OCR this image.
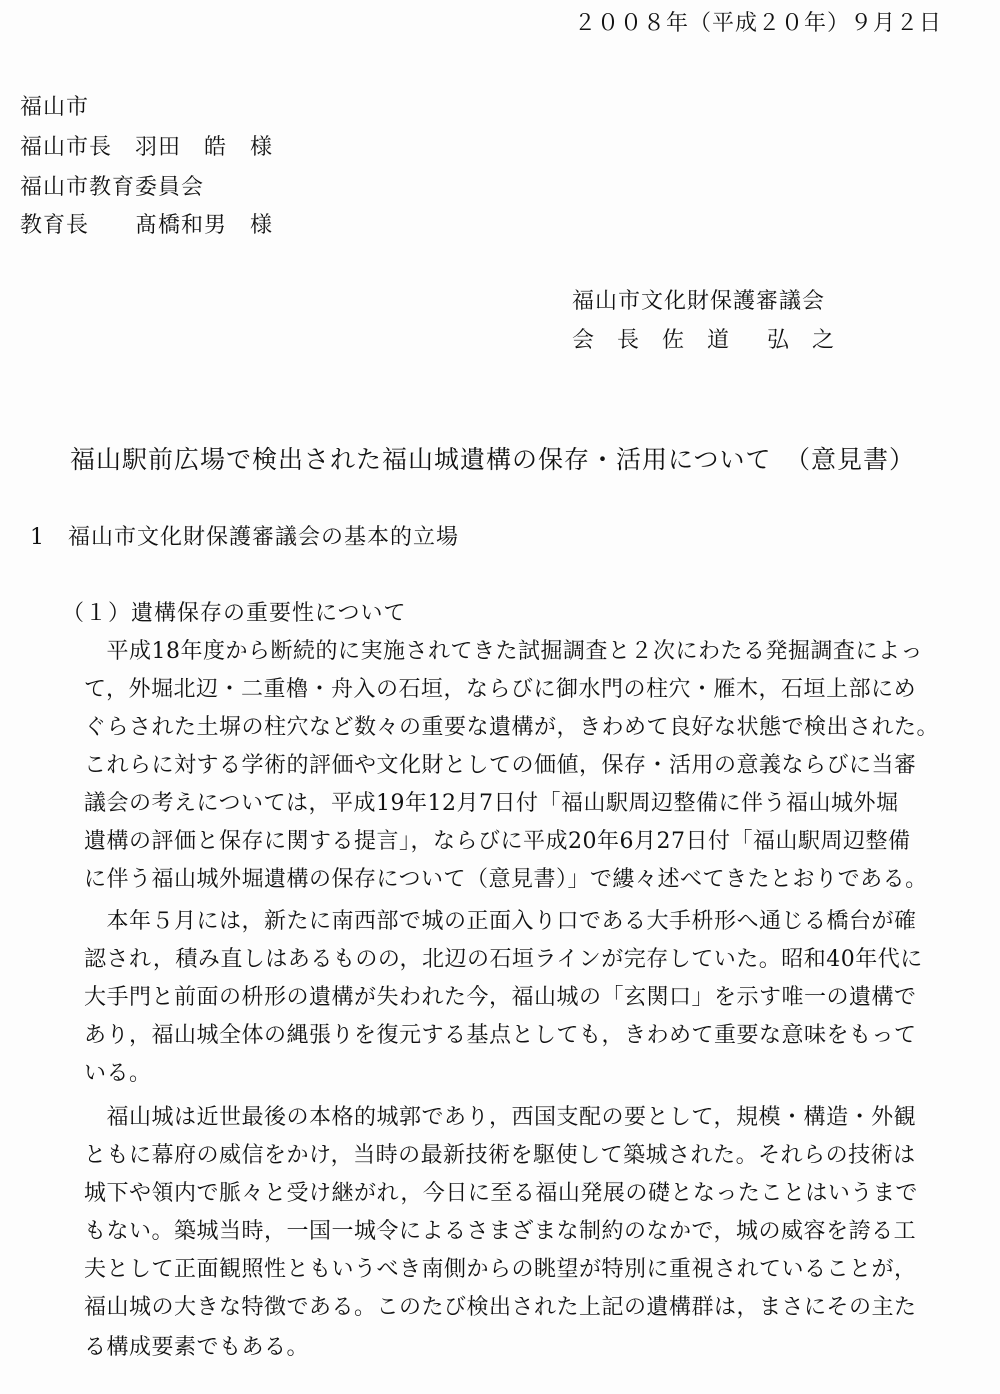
２００８年（平成２０年）９月２日
福山市
福山市長　羽田　皓　様
福山市教育委員会
教育長　　髙橋和男　様
福山市文化財保護審議会
会 長 佐 道　弘 之
福山駅前広場で検出された福山城遺構の保存・活用について　（意見書）
1　福山市文化財保護審議会の基本的立場
（１）遺構保存の重要性について
　平成18年度から断続的に実施されてきた試掘調査と２次にわたる発掘調査によっ
て，外堀北辺・二重櫓・舟入の石垣，ならびに御水門の柱穴・雁木，石垣上部にめ
ぐらされた土塀の柱穴など数々の重要な遺構が，きわめて良好な状態で検出された。
これらに対する学術的評価や文化財としての価値，保存・活用の意義ならびに当審
議会の考えについては，平成19年12月7日付「福山駅周辺整備に伴う福山城外堀
遺構の評価と保存に関する提言」，ならびに平成20年6月27日付「福山駅周辺整備
に伴う福山城外堀遺構の保存について（意見書）」で縷々述べてきたとおりである。
　本年５月には，新たに南西部で城の正面入り口である大手枡形へ通じる橋台が確
認され，積み直しはあるものの，北辺の石垣ラインが完存していた。昭和40年代に
大手門と前面の枡形の遺構が失われた今，福山城の「玄関口」を示す唯一の遺構で
あり，福山城全体の縄張りを復元する基点としても，きわめて重要な意味をもって
いる。
　福山城は近世最後の本格的城郭であり，西国支配の要として，規模・構造・外観
ともに幕府の威信をかけ，当時の最新技術を駆使して築城された。それらの技術は
城下や領内で脈々と受け継がれ，今日に至る福山発展の礎となったことはいうまで
もない。築城当時，一国一城令によるさまざまな制約のなかで，城の威容を誇る工
夫として正面観照性ともいうべき南側からの眺望が特別に重視されていることが，
福山城の大きな特徴である。このたび検出された上記の遺構群は，まさにその主た
る構成要素でもある。
